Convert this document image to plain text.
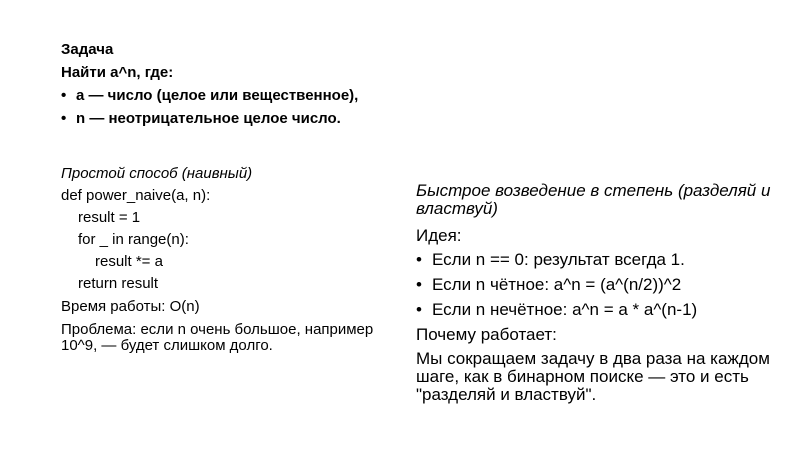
Задача
Найти a^n, где:
• a — число (целое или вещественное),
• n — неотрицательное целое число.
Простой способ (наивный)
def power_naive(a, n):
result = 1
for _ in range(n):
result *= a
return result
Время работы: O(n)
Проблема: если n очень большое, например 10^9, — будет слишком долго.
Быстрое возведение в степень (разделяй и властвуй)
Идея:
• Если n == 0: результат всегда 1.
• Если n чётное: a^n = (a^(n/2))^2
• Если n нечётное: a^n = a * a^(n-1)
Почему работает:
Мы сокращаем задачу в два раза на каждом шаге, как в бинарном поиске — это и есть "разделяй и властвуй".
